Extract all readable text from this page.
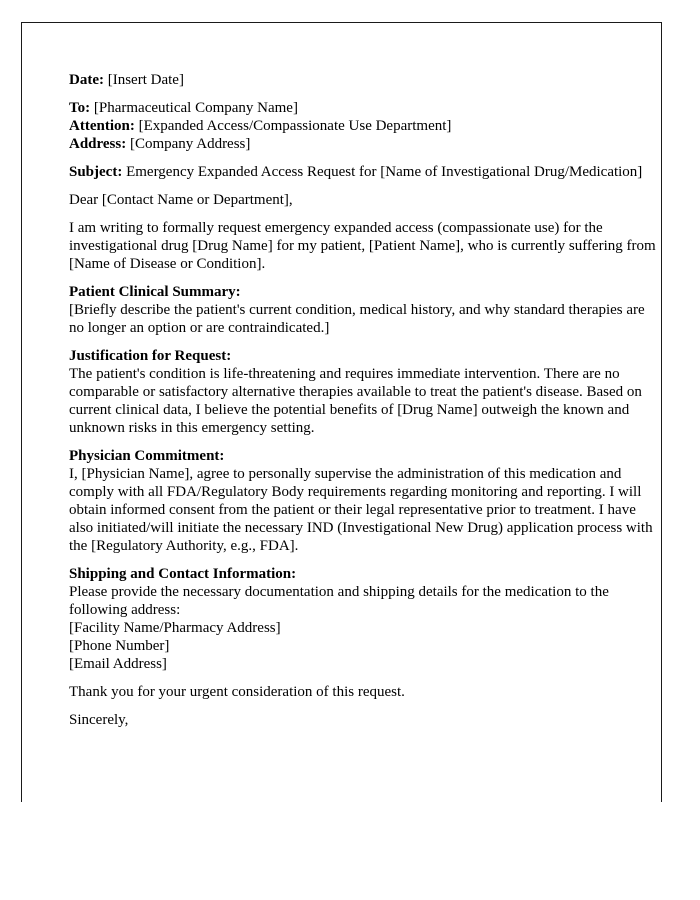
Date: [Insert Date]
To: [Pharmaceutical Company Name]
Attention: [Expanded Access/Compassionate Use Department]
Address: [Company Address]
Subject: Emergency Expanded Access Request for [Name of Investigational Drug/Medication]
Dear [Contact Name or Department],
I am writing to formally request emergency expanded access (compassionate use) for the investigational drug [Drug Name] for my patient, [Patient Name], who is currently suffering from [Name of Disease or Condition].
Patient Clinical Summary:
[Briefly describe the patient's current condition, medical history, and why standard therapies are no longer an option or are contraindicated.]
Justification for Request:
The patient's condition is life-threatening and requires immediate intervention. There are no comparable or satisfactory alternative therapies available to treat the patient's disease. Based on current clinical data, I believe the potential benefits of [Drug Name] outweigh the known and unknown risks in this emergency setting.
Physician Commitment:
I, [Physician Name], agree to personally supervise the administration of this medication and comply with all FDA/Regulatory Body requirements regarding monitoring and reporting. I will obtain informed consent from the patient or their legal representative prior to treatment. I have also initiated/will initiate the necessary IND (Investigational New Drug) application process with the [Regulatory Authority, e.g., FDA].
Shipping and Contact Information:
Please provide the necessary documentation and shipping details for the medication to the following address:
[Facility Name/Pharmacy Address]
[Phone Number]
[Email Address]
Thank you for your urgent consideration of this request.
Sincerely,
